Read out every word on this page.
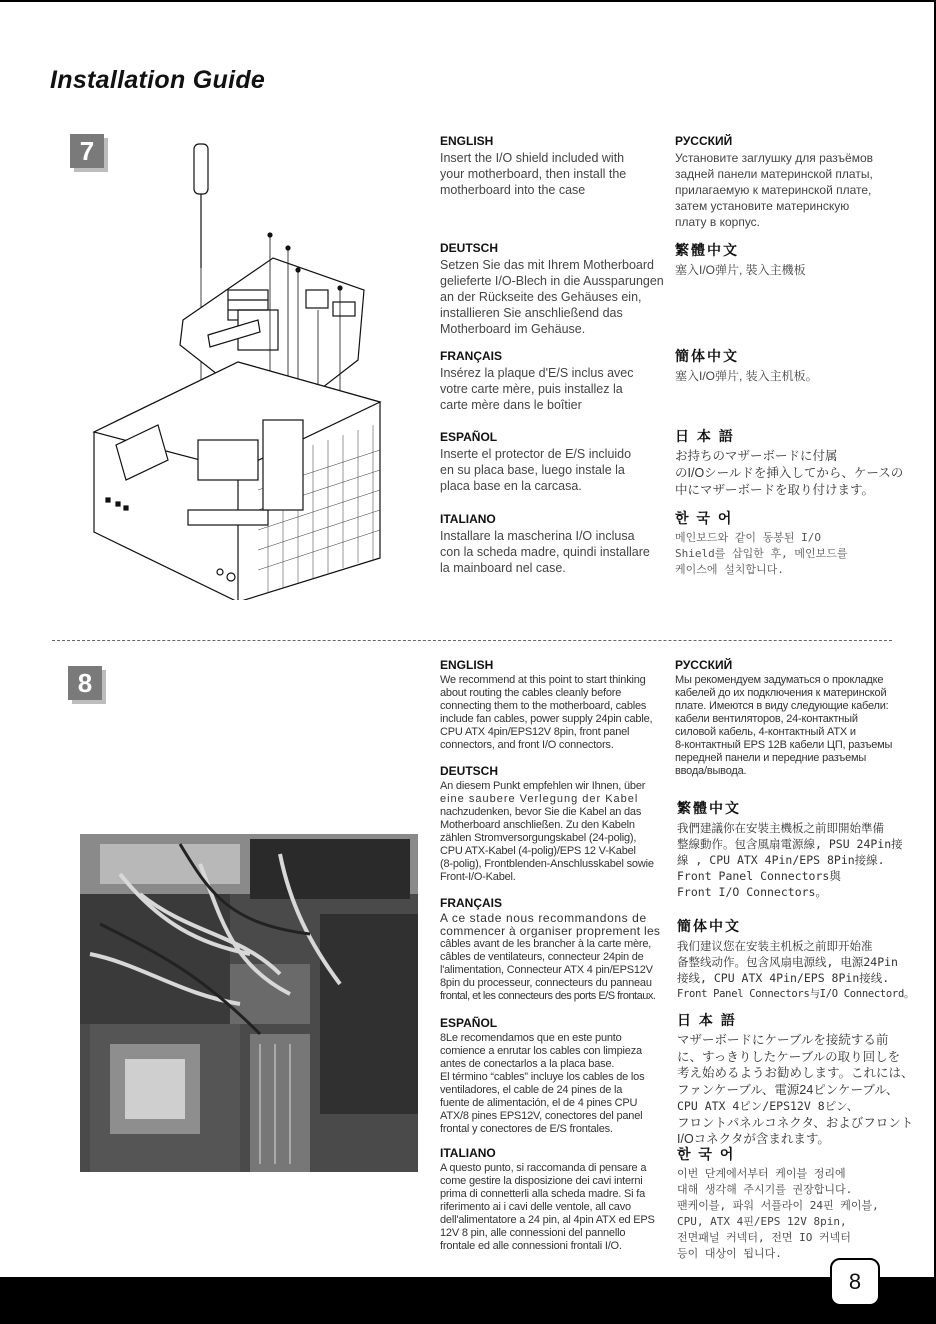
Installation Guide
7	ENGLISH
Insert the I/O shield included with
your motherboard, then install the
motherboard into the case
РУССКИЙ
Установите заглушку для разъёмов
задней панели материнской платы,
прилагаемую к материнской плате,
затем установите материнскую
плату в корпус.
DEUTSCH
Setzen Sie das mit Ihrem Motherboard
gelieferte I/O-Blech in die Aussparungen
an der Rückseite des Gehäuses ein,
installieren Sie anschließend das
Motherboard im Gehäuse.
繁體中文
塞入I/O弹片, 裝入主機板
FRANÇAIS
Insérez la plaque d'E/S inclus avec
votre carte mère, puis installez la
carte mère dans le boîtier
簡体中文
塞入I/O弹片, 装入主机板。
ESPAÑOL
Inserte el protector de E/S incluido
en su placa base, luego instale la
placa base en la carcasa.
日 本 語
お持ちのマザーボードに付属
のI/Oシールドを挿入してから、ケースの
中にマザーボードを取り付けます。
ITALIANO
Installare la mascherina I/O inclusa
con la scheda madre, quindi installare
la mainboard nel case.
한 국 어
메인보드와 같이 동봉된 I/O
Shield를 삽입한 후, 메인보드를
케이스에 설치합니다.
8
ENGLISH
We recommend at this point to start thinking
about routing the cables cleanly before
connecting them to the motherboard, cables
include fan cables, power supply 24pin cable,
CPU ATX 4pin/EPS12V 8pin, front panel
connectors, and front I/O connectors.
РУССКИЙ
Мы рекомендуем задуматься о прокладке
кабелей до их подключения к материнской
плате. Имеются в виду следующие кабели:
кабели вентиляторов, 24-контактный
силовой кабель, 4-контактный ATX и
8-контактный EPS 12В кабели ЦП, разъемы
передней панели и передние разъемы
ввода/вывода.
DEUTSCH
An diesem Punkt empfehlen wir Ihnen, über
eine saubere Verlegung der Kabel
nachzudenken, bevor Sie die Kabel an das
Motherboard anschließen. Zu den Kabeln
zählen Stromversorgungskabel (24-polig),
CPU ATX-Kabel (4-polig)/EPS 12 V-Kabel
(8-polig), Frontblenden-Anschlusskabel sowie
Front-I/O-Kabel.
繁體中文
我們建議你在安裝主機板之前即開始準備
整線動作。包含風扇電源線, PSU 24Pin接
線 , CPU ATX 4Pin/EPS 8Pin接線.
Front Panel Connectors與
Front I/O Connectors。
FRANÇAIS
A ce stade nous recommandons de
commencer à organiser proprement les
câbles avant de les brancher à la carte mère,
câbles de ventilateurs, connecteur 24pin de
l'alimentation, Connecteur ATX 4 pin/EPS12V
8pin du processeur, connecteurs du panneau
frontal, et les connecteurs des ports E/S frontaux.
簡体中文
我们建议您在安装主机板之前即开始准
备整线动作。包含风扇电源线, 电源24Pin
接线, CPU ATX 4Pin/EPS 8Pin接线.
Front Panel Connectors与I/O Connectord。
ESPAÑOL
8Le recomendamos que en este punto
comience a enrutar los cables con limpieza
antes de conectarlos a la placa base.
El término “cables” incluye los cables de los
ventiladores, el cable de 24 pines de la
fuente de alimentación, el de 4 pines CPU
ATX/8 pines EPS12V, conectores del panel
frontal y conectores de E/S frontales.
日 本 語
マザーボードにケーブルを接続する前
に、すっきりしたケーブルの取り回しを
考え始めるようお勧めします。これには、
ファンケーブル、電源24ピンケーブル、
CPU ATX 4ピン/EPS12V 8ピン、
フロントパネルコネクタ、およびフロント
I/Oコネクタが含まれます。
ITALIANO
A questo punto, si raccomanda di pensare a
come gestire la disposizione dei cavi interni
prima di connetterli alla scheda madre. Si fa
riferimento ai i cavi delle ventole, all cavo
dell'alimentatore a 24 pin, al 4pin ATX ed EPS
12V 8 pin, alle connessioni del pannello
frontale ed alle connessioni frontali I/O.
한 국 어
이번 단계에서부터 케이블 정리에
대해 생각해 주시기를 권장합니다.
팬케이블, 파워 서플라이 24핀 케이블,
CPU, ATX 4핀/EPS 12V 8pin,
전면패널 커넥터, 전면 IO 커넥터
등이 대상이 됩니다.
8
